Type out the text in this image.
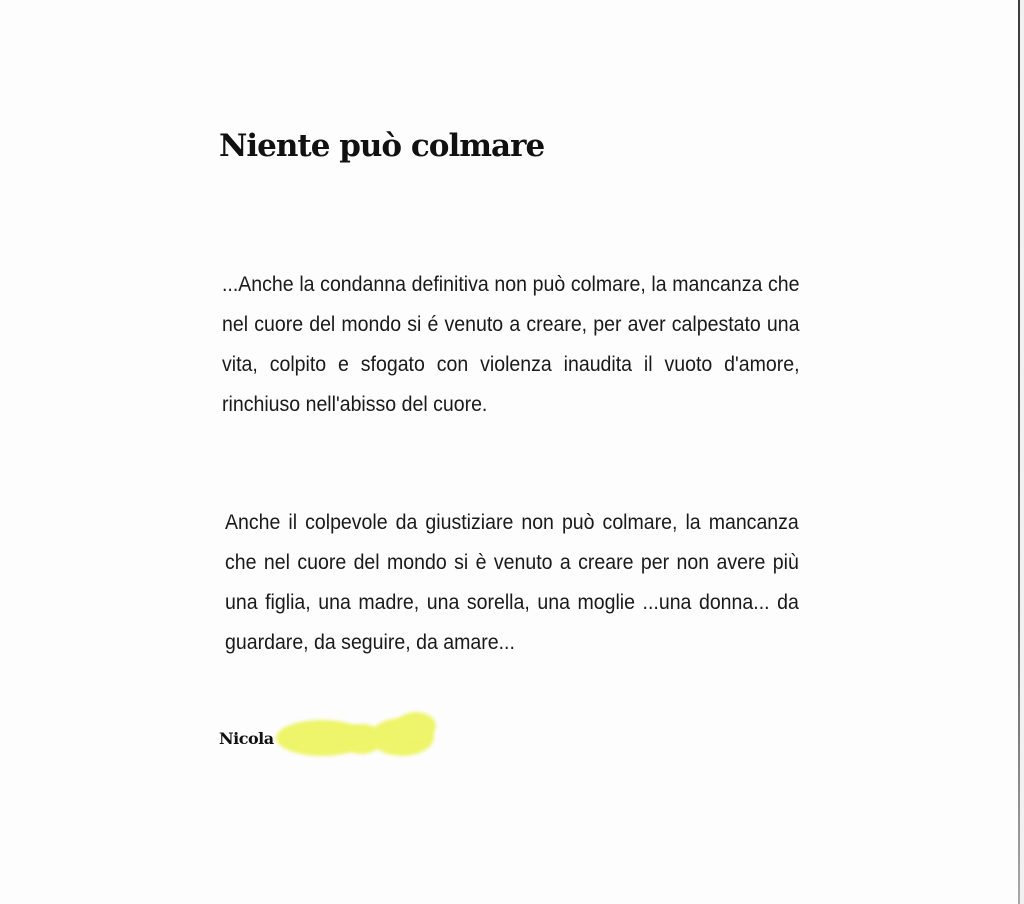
Niente può colmare

...Anche la condanna definitiva non può colmare, la mancanza che nel cuore del mondo si é venuto a creare, per aver calpestato una vita, colpito e sfogato con violenza inaudita il vuoto d'amore, rinchiuso nell'abisso del cuore.

Anche il colpevole da giustiziare non può colmare, la mancanza che nel cuore del mondo si è venuto a creare per non avere più una figlia, una madre, una sorella, una moglie ...una donna... da guardare, da seguire, da amare...

Nicola
